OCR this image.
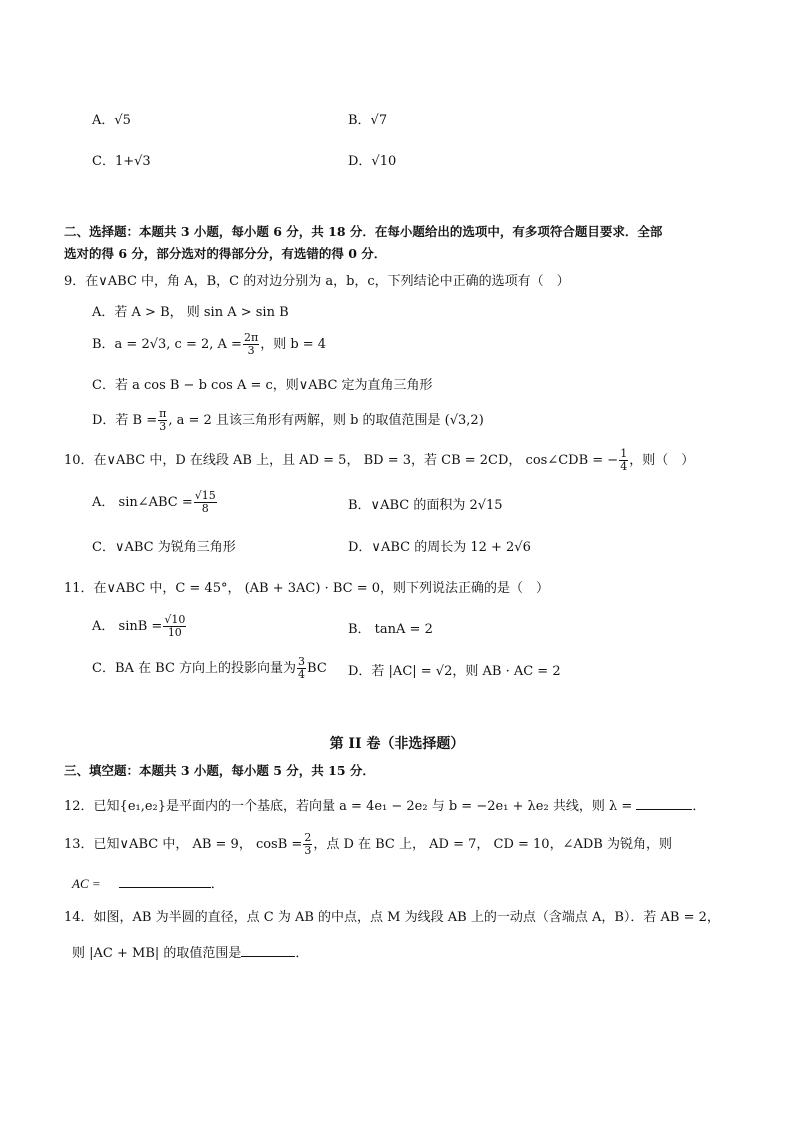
A．√5	B．√7
C．1+√3	D．√10
二、选择题：本题共 3 小题，每小题 6 分，共 18 分．在每小题给出的选项中，有多项符合题目要求．全部
选对的得 6 分，部分选对的得部分分，有选错的得 0 分．
9．在∨ABC 中，角 A，B，C 的对边分别为 a，b，c，下列结论中正确的选项有（　）
A．若 A > B， 则 sin A > sin B
B．a = 2√3, c = 2, $A = \frac{2\pi}{3}$ ，则 b = 4
C．若 a cos B − b cos A = c，则∨ABC 定为直角三角形
D．若 $B = \frac{\pi}{3}$ , a = 2 且该三角形有两解，则 b 的取值范围是 (√3,2)
10．在∨ABC 中，D 在线段 AB 上，且 AD = 5， BD = 3，若 CB = 2CD， cos∠CDB = − $\frac{1}{4}$ ，则（　）
A． sin∠ABC = $\frac{√15}{8}$	B．∨ABC 的面积为 2√15
C．∨ABC 为锐角三角形	D．∨ABC 的周长为 12 + 2√6
11．在∨ABC 中，C = 45°， (AB + 3AC) · BC = 0，则下列说法正确的是（　）
A． $\sin B = \frac{√10}{10}$	B． tanA = 2
C．BA 在 BC 方向上的投影向量为 $\frac{3}{4}$ BC D．若 |AC| = √2，则 AB · AC = 2
第 II 卷（非选择题）
三、填空题：本题共 3 小题，每小题 5 分，共 15 分．
12．已知{e₁,e₂}是平面内的一个基底，若向量 a = 4e₁ − 2e₂ 与 b = −2e₁ + λe₂ 共线，则 λ =	．
13．已知∨ABC 中， AB = 9， $\cos B = \frac{2}{3}$ ，点 D 在 BC 上， AD = 7， CD = 10，∠ADB 为锐角，则
AC =	．
14．如图，AB 为半圆的直径，点 C 为 AB 的中点，点 M 为线段 AB 上的一动点（含端点 A，B）．若 AB = 2，
则 |AC + MB| 的取值范围是	．
